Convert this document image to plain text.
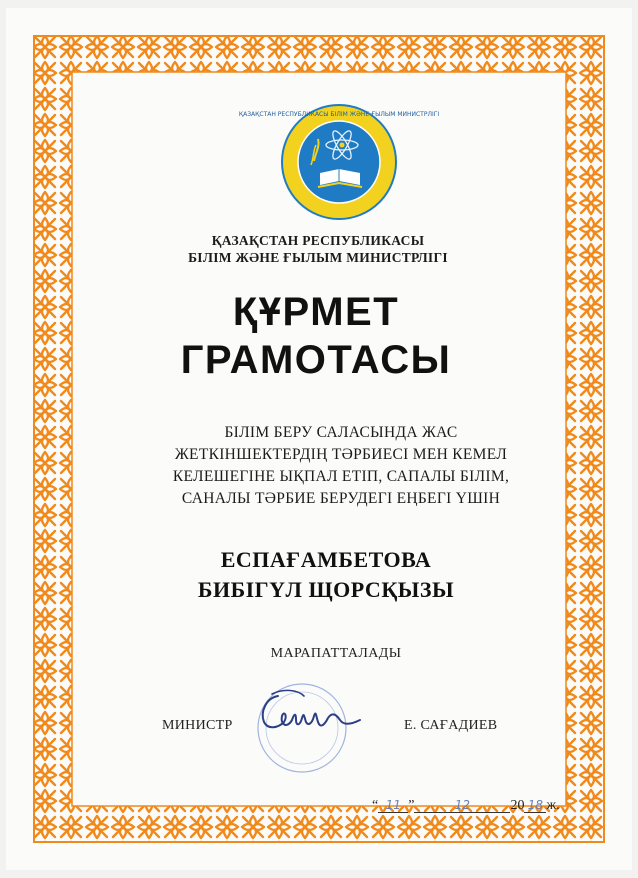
ҚАЗАҚСТАН РЕСПУБЛИКАСЫ БІЛІМ ЖӘНЕ ҒЫЛЫМ МИНИСТРЛІГІ
ҚАЗАҚСТАН РЕСПУБЛИКАСЫ
БІЛІМ ЖӘНЕ ҒЫЛЫМ МИНИСТРЛІГІ
ҚҰРМЕТ
ГРАМОТАСЫ
БІЛІМ БЕРУ САЛАСЫНДА ЖАС
ЖЕТКІНШЕКТЕРДІҢ ТӘРБИЕСІ МЕН КЕМЕЛ
КЕЛЕШЕГІНЕ ЫҚПАЛ ЕТІП, САПАЛЫ БІЛІМ,
САНАЛЫ ТӘРБИЕ БЕРУДЕГІ ЕҢБЕГІ ҮШІН
ЕСПАҒАМБЕТОВА
БИБІГҮЛ ЩОРСҚЫЗЫ
МАРАПАТТАЛАДЫ
МИНИСТР	Е. САҒАДИЕВ
“ 11 ”	12	20 18 ж.
